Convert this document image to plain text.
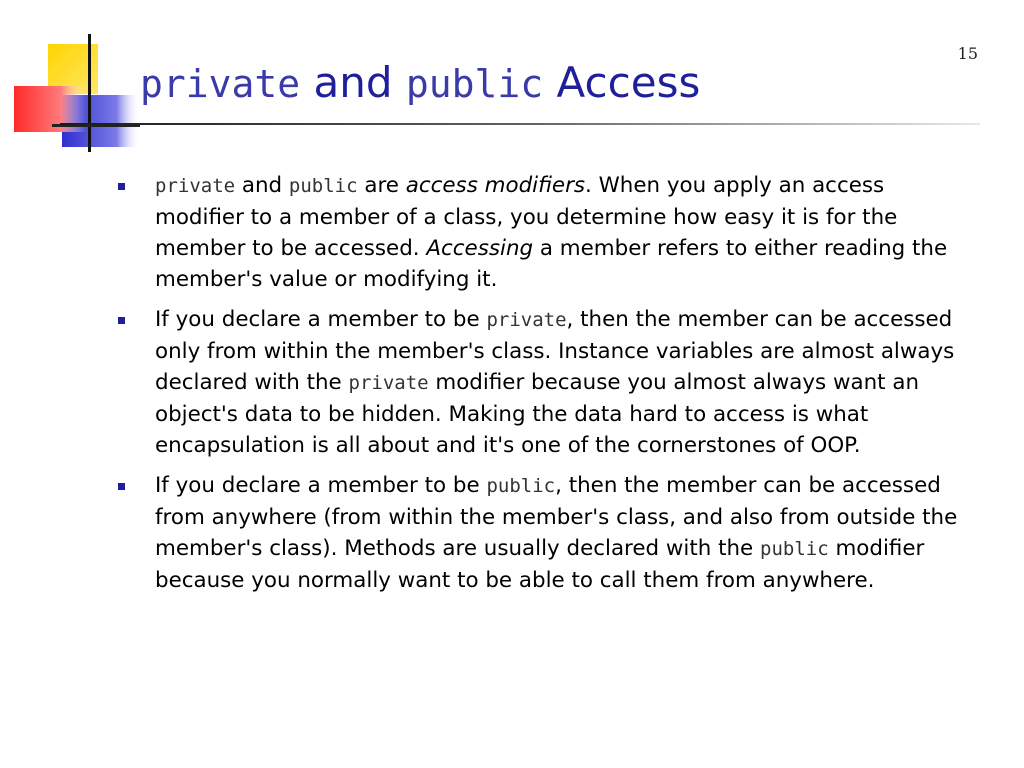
15
private and public Access
private and public are access modifiers. When you apply an access modifier to a member of a class, you determine how easy it is for the member to be accessed. Accessing a member refers to either reading the member's value or modifying it.
If you declare a member to be private, then the member can be accessed only from within the member's class. Instance variables are almost always declared with the private modifier because you almost always want an object's data to be hidden. Making the data hard to access is what encapsulation is all about and it's one of the cornerstones of OOP.
If you declare a member to be public, then the member can be accessed from anywhere (from within the member's class, and also from outside the member's class). Methods are usually declared with the public modifier because you normally want to be able to call them from anywhere.
